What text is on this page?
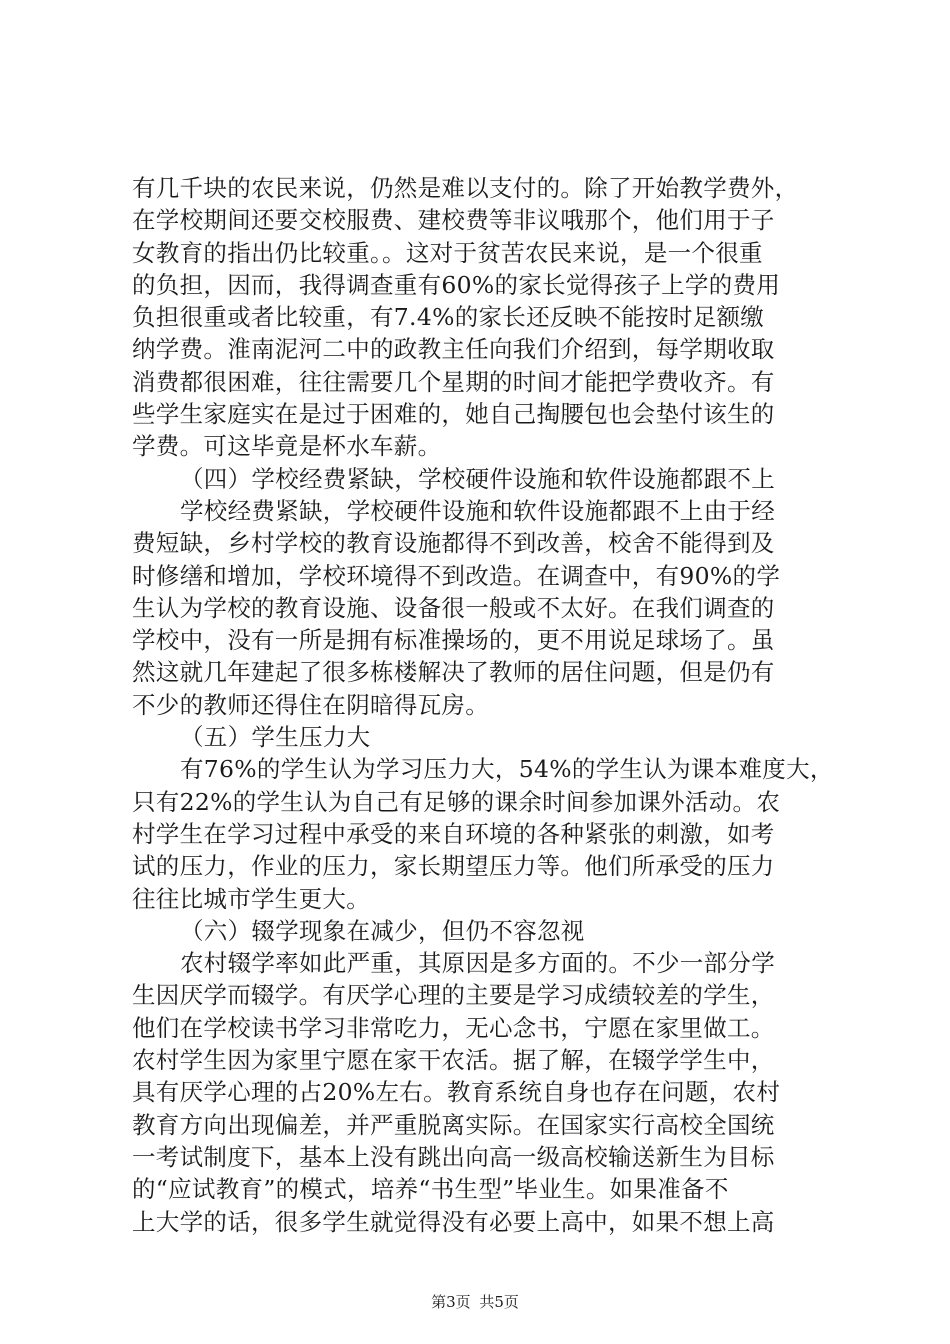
有几千块的农民来说，仍然是难以支付的。除了开始教学费外，
在学校期间还要交校服费、建校费等非议哦那个，他们用于子
女教育的指出仍比较重。。这对于贫苦农民来说，是一个很重
的负担，因而，我得调查重有60%的家长觉得孩子上学的费用
负担很重或者比较重，有7.4%的家长还反映不能按时足额缴
纳学费。淮南泥河二中的政教主任向我们介绍到，每学期收取
消费都很困难，往往需要几个星期的时间才能把学费收齐。有
些学生家庭实在是过于困难的，她自己掏腰包也会垫付该生的
学费。可这毕竟是杯水车薪。
（四）学校经费紧缺，学校硬件设施和软件设施都跟不上
学校经费紧缺，学校硬件设施和软件设施都跟不上由于经
费短缺，乡村学校的教育设施都得不到改善，校舍不能得到及
时修缮和增加，学校环境得不到改造。在调查中，有90%的学
生认为学校的教育设施、设备很一般或不太好。在我们调查的
学校中，没有一所是拥有标准操场的，更不用说足球场了。虽
然这就几年建起了很多栋楼解决了教师的居住问题，但是仍有
不少的教师还得住在阴暗得瓦房。
（五）学生压力大
有76%的学生认为学习压力大，54%的学生认为课本难度大，
只有22%的学生认为自己有足够的课余时间参加课外活动。农
村学生在学习过程中承受的来自环境的各种紧张的刺激，如考
试的压力，作业的压力，家长期望压力等。他们所承受的压力
往往比城市学生更大。
（六）辍学现象在减少，但仍不容忽视
农村辍学率如此严重，其原因是多方面的。不少一部分学
生因厌学而辍学。有厌学心理的主要是学习成绩较差的学生，
他们在学校读书学习非常吃力，无心念书，宁愿在家里做工。
农村学生因为家里宁愿在家干农活。据了解，在辍学学生中，
具有厌学心理的占20%左右。教育系统自身也存在问题，农村
教育方向出现偏差，并严重脱离实际。在国家实行高校全国统
一考试制度下，基本上没有跳出向高一级高校输送新生为目标
的“应试教育”的模式，培养“书生型”毕业生。如果准备不
上大学的话，很多学生就觉得没有必要上高中，如果不想上高
第3页 共5页
